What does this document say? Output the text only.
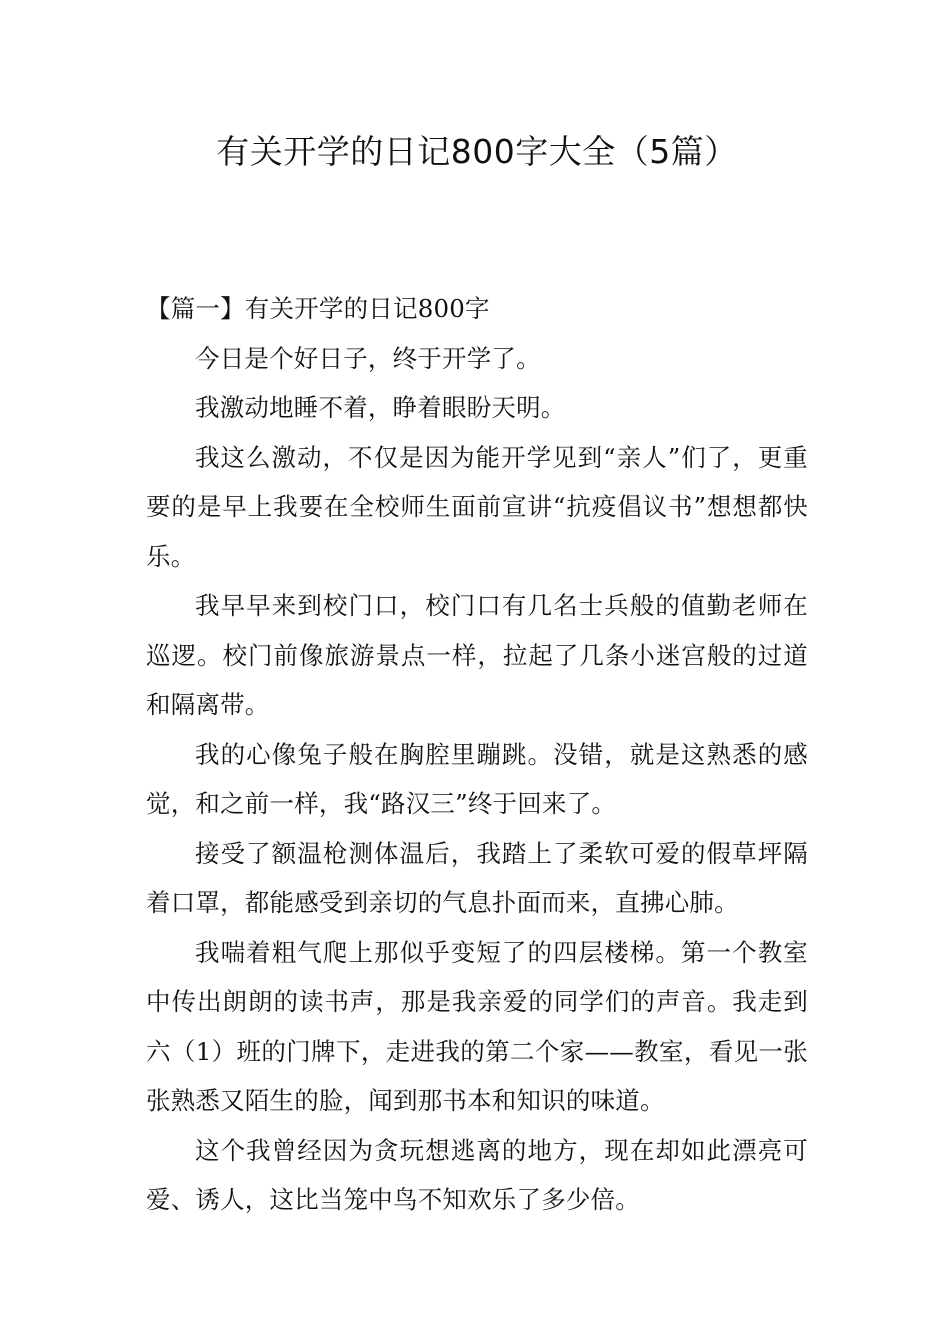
有关开学的日记800字大全（5篇）
【篇一】有关开学的日记800字

今日是个好日子，终于开学了。

我激动地睡不着，睁着眼盼天明。

我这么激动，不仅是因为能开学见到“亲人”们了，更重要的是早上我要在全校师生面前宣讲“抗疫倡议书”想想都快乐。

我早早来到校门口，校门口有几名士兵般的值勤老师在巡逻。校门前像旅游景点一样，拉起了几条小迷宫般的过道和隔离带。

我的心像兔子般在胸腔里蹦跳。没错，就是这熟悉的感觉，和之前一样，我“路汉三”终于回来了。

接受了额温枪测体温后，我踏上了柔软可爱的假草坪隔着口罩，都能感受到亲切的气息扑面而来，直拂心肺。

我喘着粗气爬上那似乎变短了的四层楼梯。第一个教室中传出朗朗的读书声，那是我亲爱的同学们的声音。我走到六（1）班的门牌下，走进我的第二个家——教室，看见一张张熟悉又陌生的脸，闻到那书本和知识的味道。

这个我曾经因为贪玩想逃离的地方，现在却如此漂亮可爱、诱人，这比当笼中鸟不知欢乐了多少倍。
